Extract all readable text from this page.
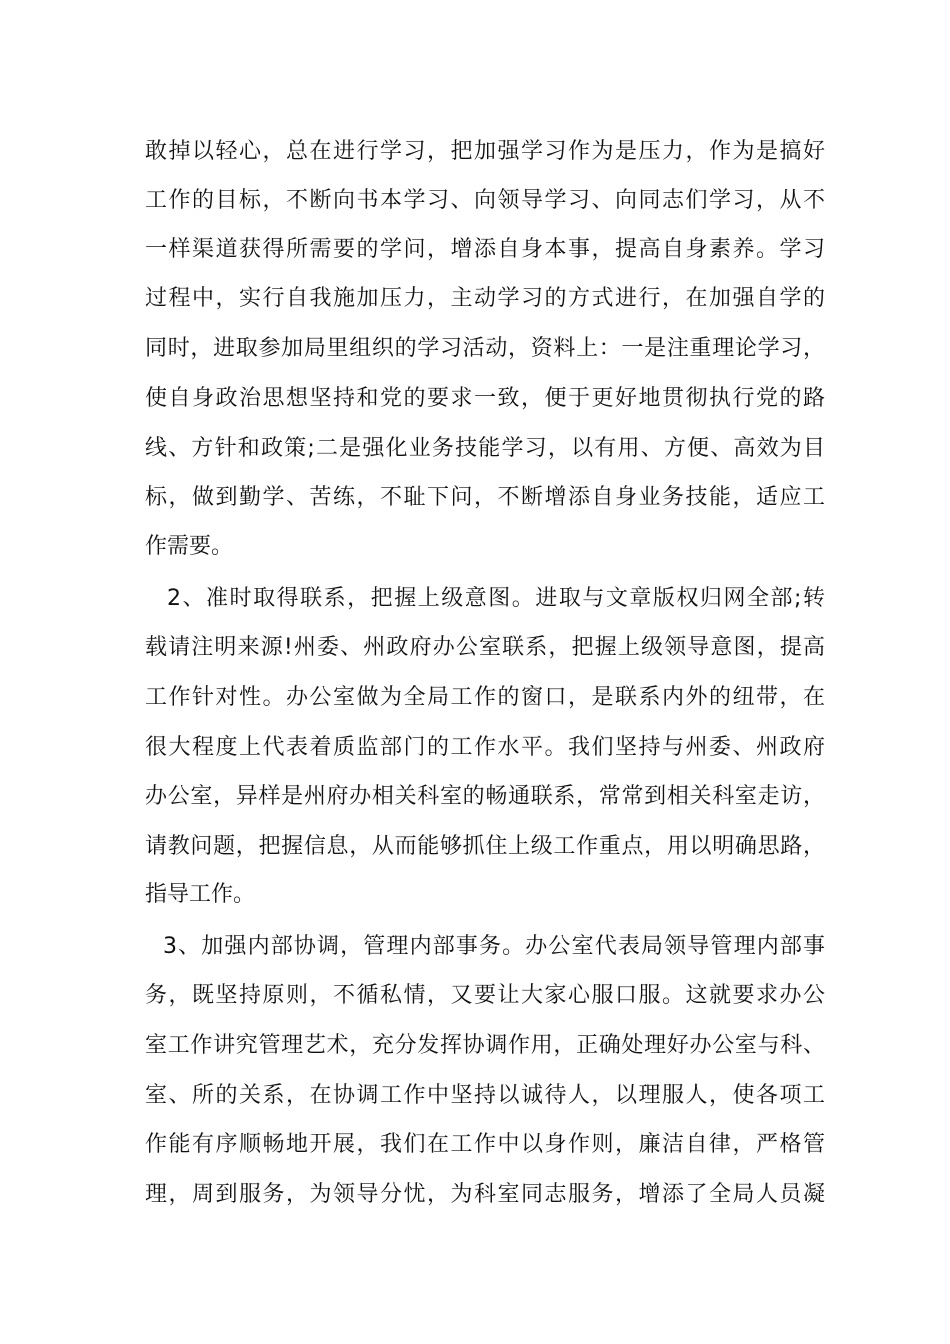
敢掉以轻心，总在进行学习，把加强学习作为是压力，作为是搞好
工作的目标，不断向书本学习、向领导学习、向同志们学习，从不
一样渠道获得所需要的学问，增添自身本事，提高自身素养。学习
过程中，实行自我施加压力，主动学习的方式进行，在加强自学的
同时，进取参加局里组织的学习活动，资料上：一是注重理论学习，
使自身政治思想坚持和党的要求一致，便于更好地贯彻执行党的路
线、方针和政策;二是强化业务技能学习，以有用、方便、高效为目
标，做到勤学、苦练，不耻下问，不断增添自身业务技能，适应工
作需要。
2、准时取得联系，把握上级意图。进取与文章版权归网全部;转
载请注明来源!州委、州政府办公室联系，把握上级领导意图，提高
工作针对性。办公室做为全局工作的窗口，是联系内外的纽带，在
很大程度上代表着质监部门的工作水平。我们坚持与州委、州政府
办公室，异样是州府办相关科室的畅通联系，常常到相关科室走访，
请教问题，把握信息，从而能够抓住上级工作重点，用以明确思路，
指导工作。
3、加强内部协调，管理内部事务。办公室代表局领导管理内部事
务，既坚持原则，不循私情，又要让大家心服口服。这就要求办公
室工作讲究管理艺术，充分发挥协调作用，正确处理好办公室与科、
室、所的关系，在协调工作中坚持以诚待人，以理服人，使各项工
作能有序顺畅地开展，我们在工作中以身作则，廉洁自律，严格管
理，周到服务，为领导分忧，为科室同志服务，增添了全局人员凝
